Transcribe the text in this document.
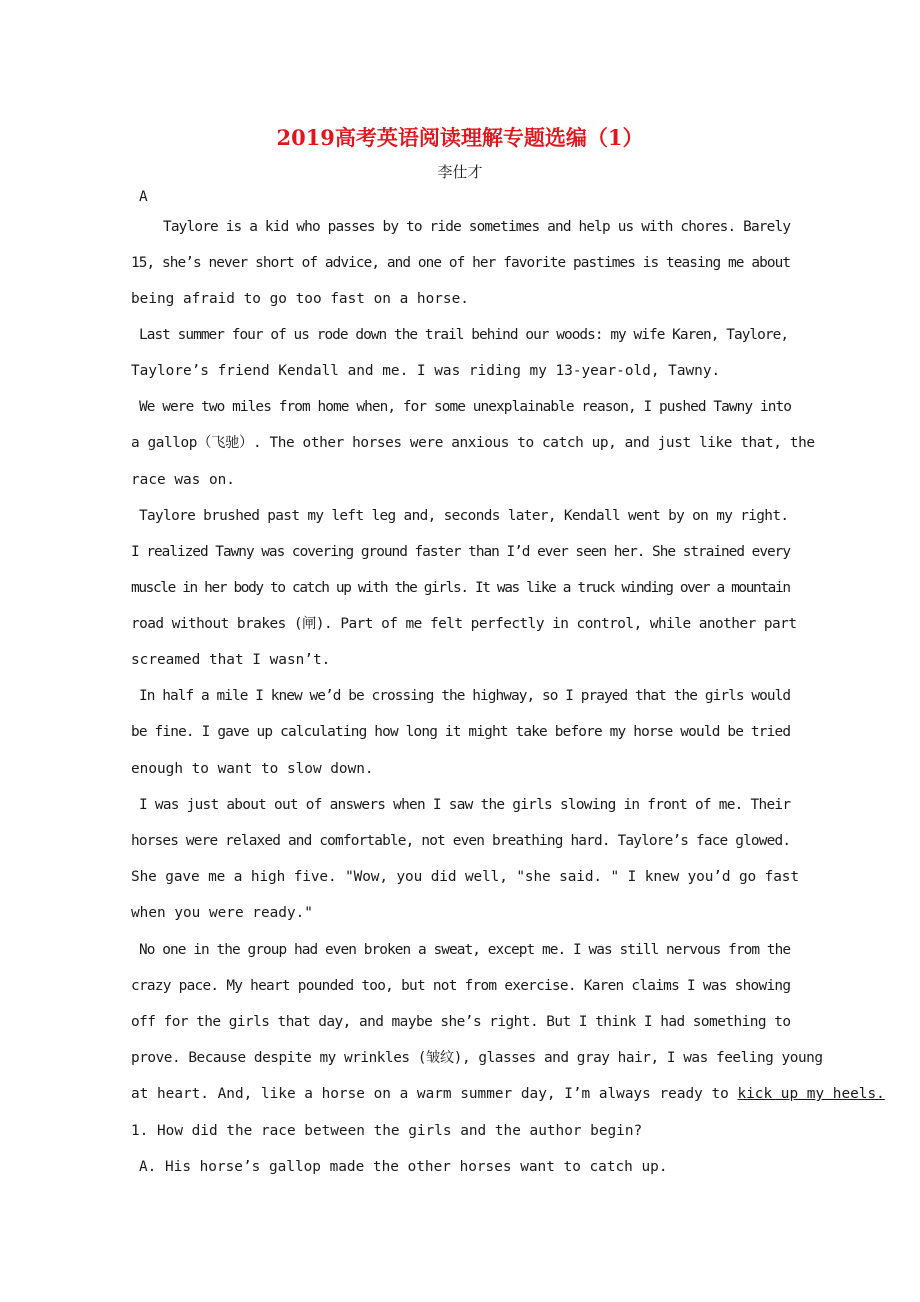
2019高考英语阅读理解专题选编（1）
李仕才
A
Taylore is a kid who passes by to ride sometimes and help us with chores. Barely
15, she’s never short of advice, and one of her favorite pastimes is teasing me about
being afraid to go too fast on a horse.
Last summer four of us rode down the trail behind our woods: my wife Karen, Taylore,
Taylore’s friend Kendall and me. I was riding my 13-year-old, Tawny.
We were two miles from home when, for some unexplainable reason, I pushed Tawny into
a gallop（飞驰）. The other horses were anxious to catch up, and just like that, the
race was on.
Taylore brushed past my left leg and, seconds later, Kendall went by on my right.
I realized Tawny was covering ground faster than I’d ever seen her. She strained every
muscle in her body to catch up with the girls. It was like a truck winding over a mountain
road without brakes (闸). Part of me felt perfectly in control, while another part
screamed that I wasn’t.
In half a mile I knew we’d be crossing the highway, so I prayed that the girls would
be fine. I gave up calculating how long it might take before my horse would be tried
enough to want to slow down.
I was just about out of answers when I saw the girls slowing in front of me. Their
horses were relaxed and comfortable, not even breathing hard. Taylore’s face glowed.
She gave me a high five. "Wow, you did well, "she said. " I knew you’d go fast
when you were ready."
No one in the group had even broken a sweat, except me. I was still nervous from the
crazy pace. My heart pounded too, but not from exercise. Karen claims I was showing
off for the girls that day, and maybe she’s right. But I think I had something to
prove. Because despite my wrinkles (皱纹), glasses and gray hair, I was feeling young
at heart. And, like a horse on a warm summer day, I’m always ready to kick up my heels.
1. How did the race between the girls and the author begin?
A. His horse’s gallop made the other horses want to catch up.
